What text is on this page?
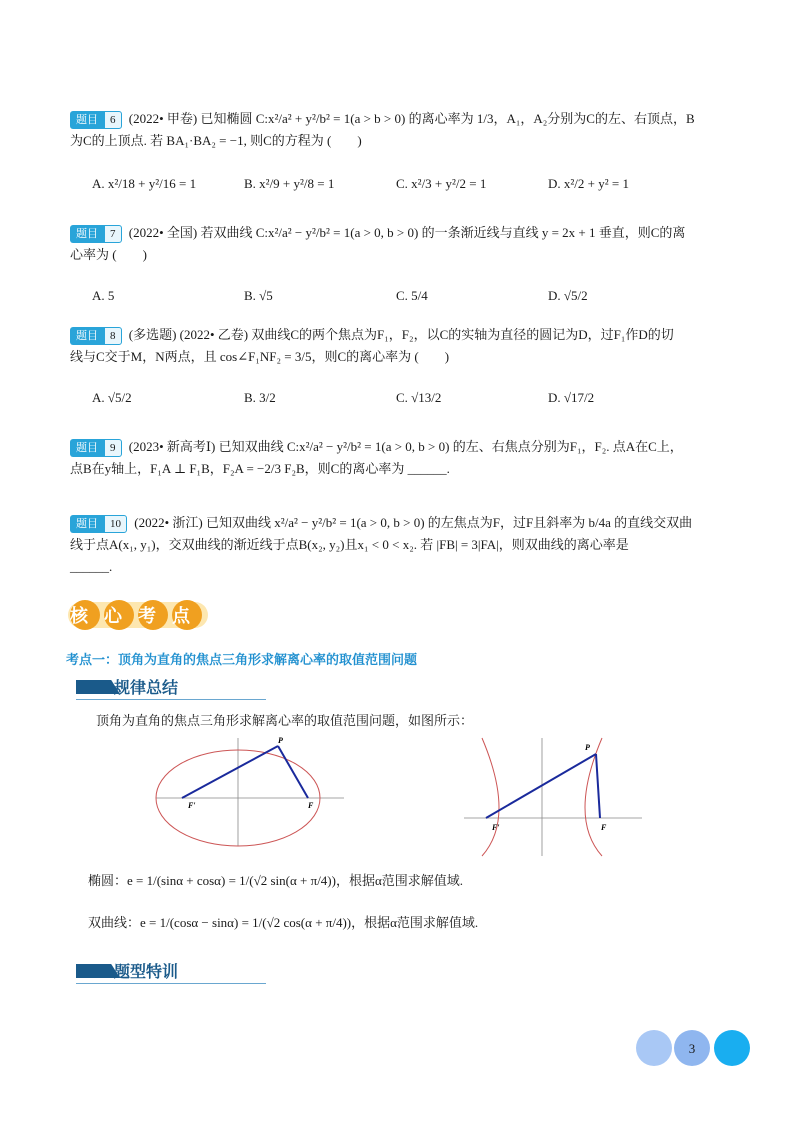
题目	6	(2022• 甲卷) 已知椭圆 C:x²/a² + y²/b² = 1(a > b > 0) 的离心率为 1/3，A₁，A₂分别为C的左、右顶点，B
为C的上顶点. 若 BA₁·BA₂ = −1, 则C的方程为 (　　)
A. x²/18 + y²/16 = 1	B. x²/9 + y²/8 = 1	C. x²/3 + y²/2 = 1	D. x²/2 + y² = 1
题目	7	(2022• 全国) 若双曲线 C:x²/a² − y²/b² = 1(a > 0, b > 0) 的一条渐近线与直线 y = 2x + 1 垂直，则C的离
心率为 (　　)
A. 5	B. √5	C. 5/4	D. √5/2
题目	8	(多选题) (2022• 乙卷) 双曲线C的两个焦点为F₁，F₂，以C的实轴为直径的圆记为D，过F₁作D的切
线与C交于M，N两点，且 cos∠F₁NF₂ = 3/5，则C的离心率为 (　　)
A. √5/2	B. 3/2	C. √13/2	D. √17/2
题目	9	(2023• 新高考Ⅰ) 已知双曲线 C:x²/a² − y²/b² = 1(a > 0, b > 0) 的左、右焦点分别为F₁，F₂. 点A在C上，
点B在y轴上，F₁A ⊥ F₁B，F₂A = −2/3 F₂B，则C的离心率为 ______.
题目	10	(2022• 浙江) 已知双曲线 x²/a² − y²/b² = 1(a > 0, b > 0) 的左焦点为F，过F且斜率为 b/4a 的直线交双曲
线于点A(x₁, y₁)，交双曲线的渐近线于点B(x₂, y₂)且x₁ < 0 < x₂. 若 |FB| = 3|FA|，则双曲线的离心率是
______.
核心考点
考点一：顶角为直角的焦点三角形求解离心率的取值范围问题
规律总结
顶角为直角的焦点三角形求解离心率的取值范围问题，如图所示：
P
F′	F
P
F′	F
椭圆：e = 1/(sinα + cosα) = 1/(√2 sin(α + π/4))，根据α范围求解值域.
双曲线：e = 1/(cosα − sinα) = 1/(√2 cos(α + π/4))，根据α范围求解值域.
题型特训
3
